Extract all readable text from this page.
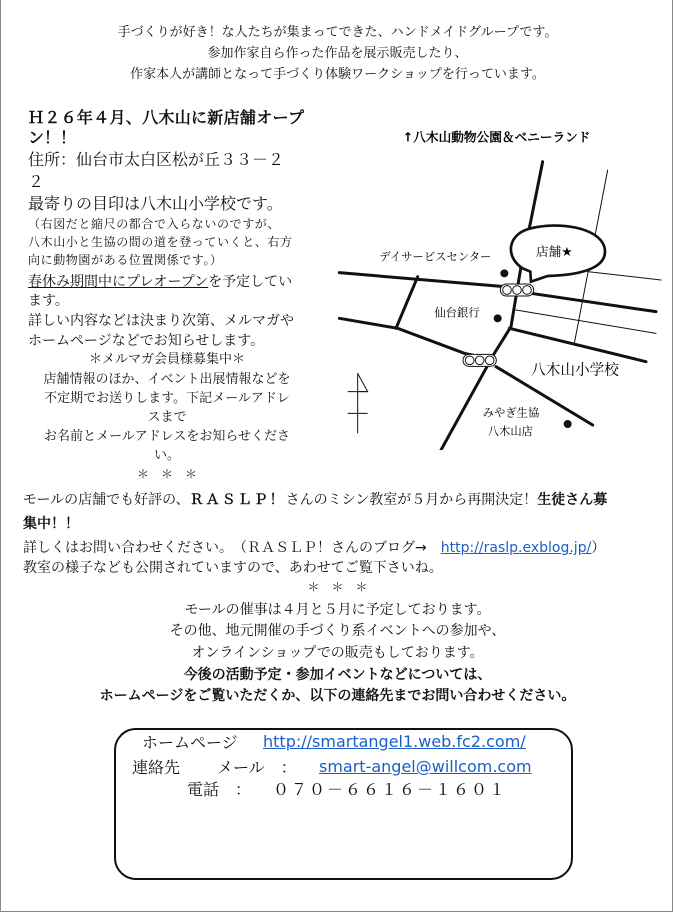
手づくりが好き！な人たちが集まってできた、ハンドメイドグループです。
参加作家自ら作った作品を展示販売したり、
作家本人が講師となって手づくり体験ワークショップを行っています。
Ｈ２６年４月、八木山に新店舗オープ
ン！！
住所：仙台市太白区松が丘３３－２
２
最寄りの目印は八木山小学校です。
（右図だと縮尺の都合で入らないのですが、
八木山小と生協の間の道を登っていくと、右方
向に動物園がある位置関係です。）
春休み期間中にプレオープンを予定してい
ます。
詳しい内容などは決まり次第、メルマガや
ホームページなどでお知らせします。
＊メルマガ会員様募集中＊
店舗情報のほか、イベント出展情報などを
不定期でお送りします。下記メールアドレ
スまで
お名前とメールアドレスをお知らせくださ
い。
＊　＊　＊
↑八木山動物公園＆ベニーランド
店舗★
デイサービスセンター
仙台銀行
八木山小学校
みやぎ生協
八木山店
モールの店舗でも好評の、ＲＡＳＬＰ！さんのミシン教室が５月から再開決定！生徒さん募
集中！！
詳しくはお問い合わせください。　（ＲＡＳＬＰ！さんのブログ→　http://raslp.exblog.jp/）
教室の様子なども公開されていますので、あわせてご覧下さいね。
＊　＊　＊
モールの催事は４月と５月に予定しております。
その他、地元開催の手づくり系イベントへの参加や、
オンラインショップでの販売もしております。
今後の活動予定・参加イベントなどについては、
ホームページをご覧いただくか、以下の連絡先までお問い合わせください。
ホームページ http://smartangel1.web.fc2.com/
連絡先 メール　： smart-angel@willcom.com
電話　： ０７０－６６１６－１６０１
